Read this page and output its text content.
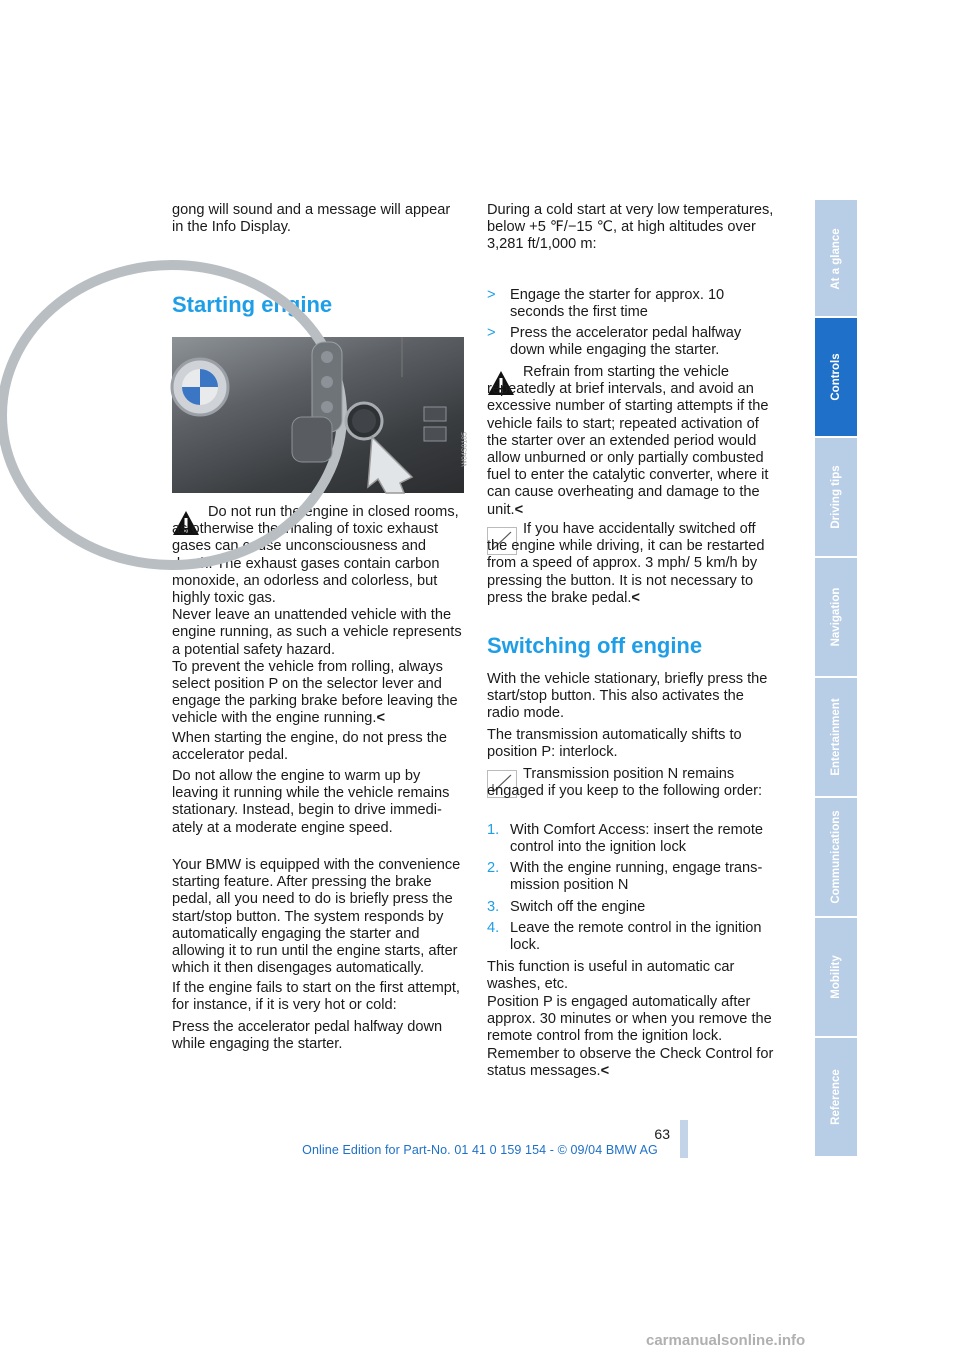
gong will sound and a message will appear in the Info Display.

Starting engine

Do not run the engine in closed rooms, as otherwise the inhaling of toxic exhaust gases can cause unconsciousness and death. The exhaust gases contain carbon monoxide, an odorless and colorless, but highly toxic gas.
Never leave an unattended vehicle with the engine running, as such a vehicle represents a potential safety hazard.
To prevent the vehicle from rolling, always select position P on the selector lever and engage the parking brake before leaving the vehicle with the engine running.<

When starting the engine, do not press the accelerator pedal.

Do not allow the engine to warm up by leaving it running while the vehicle remains stationary. Instead, begin to drive immediately at a moderate engine speed.

Your BMW is equipped with the convenience starting feature. After pressing the brake pedal, all you need to do is briefly press the start/stop button. The system responds by automatically engaging the starter and allowing it to run until the engine starts, after which it then disengages automatically.

If the engine fails to start on the first attempt, for instance, if it is very hot or cold:

Press the accelerator pedal halfway down while engaging the starter.

W04S0185

During a cold start at very low temperatures, below +5 ℉/−15 ℃, at high altitudes over 3,281 ft/1,000 m:

> Engage the starter for approx. 10 seconds the first time

> Press the accelerator pedal halfway down while engaging the starter.

Refrain from starting the vehicle repeatedly at brief intervals, and avoid an excessive number of starting attempts if the vehicle fails to start; repeated activation of the starter over an extended period would allow unburned or only partially combusted fuel to enter the catalytic converter, where it can cause overheating and damage to the unit.<

If you have accidentally switched off the engine while driving, it can be restarted from a speed of approx. 3 mph/ 5 km/h by pressing the button. It is not necessary to press the brake pedal.<

Switching off engine

With the vehicle stationary, briefly press the start/stop button. This also activates the radio mode.

The transmission automatically shifts to position P: interlock.

Transmission position N remains engaged if you keep to the following order:

1. With Comfort Access: insert the remote control into the ignition lock

2. With the engine running, engage transmission position N

3. Switch off the engine

4. Leave the remote control in the ignition lock.

This function is useful in automatic car washes, etc.

Position P is engaged automatically after approx. 30 minutes or when you remove the remote control from the ignition lock. Remember to observe the Check Control for status messages.<

At a glance
Controls
Driving tips
Navigation
Entertainment
Communications
Mobility
Reference
63
Online Edition for Part-No. 01 41 0 159 154 - © 09/04 BMW AG
carmanualsonline.info
